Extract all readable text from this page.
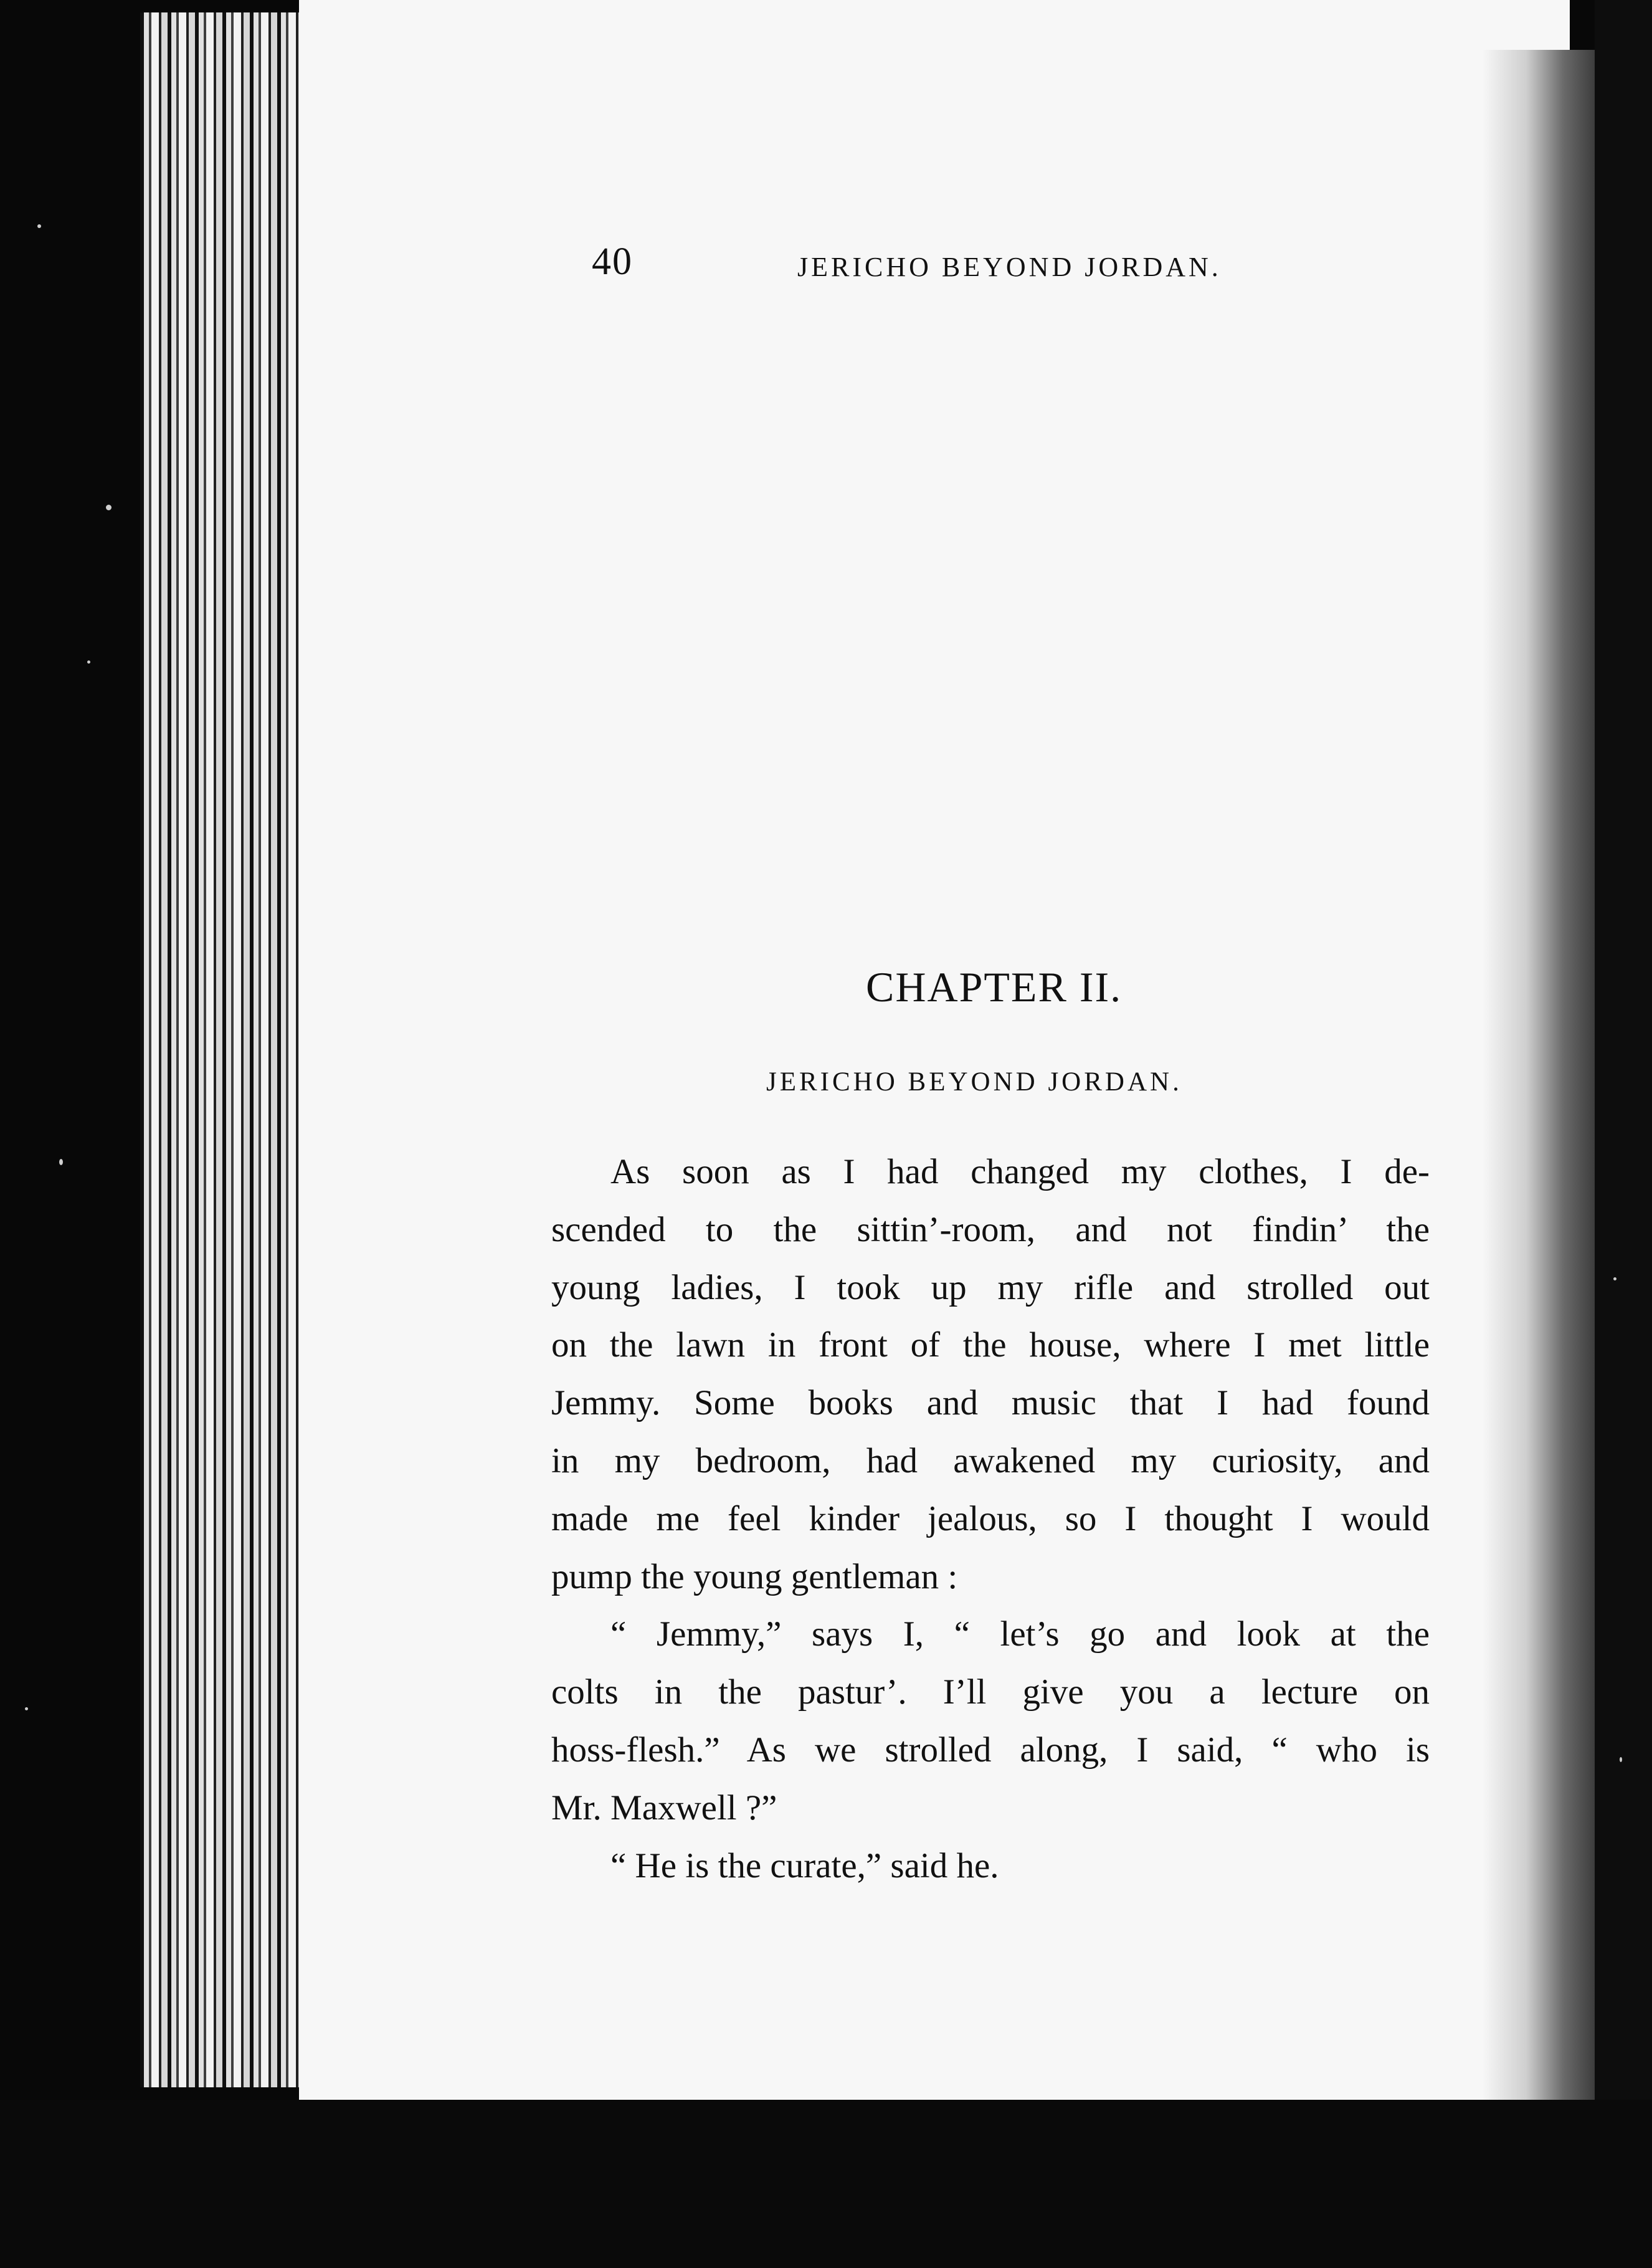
40	JERICHO BEYOND JORDAN.
CHAPTER II.
JERICHO BEYOND JORDAN.
As soon as I had changed my clothes, I de-
scended to the sittin’-room, and not findin’ the
young ladies, I took up my rifle and strolled out
on the lawn in front of the house, where I met little
Jemmy. Some books and music that I had found
in my bedroom, had awakened my curiosity, and
made me feel kinder jealous, so I thought I would
pump the young gentleman :
“ Jemmy,” says I, “ let’s go and look at the
colts in the pastur’. I’ll give you a lecture on
hoss-flesh.” As we strolled along, I said, “ who is
Mr. Maxwell ?”
“ He is the curate,” said he.
